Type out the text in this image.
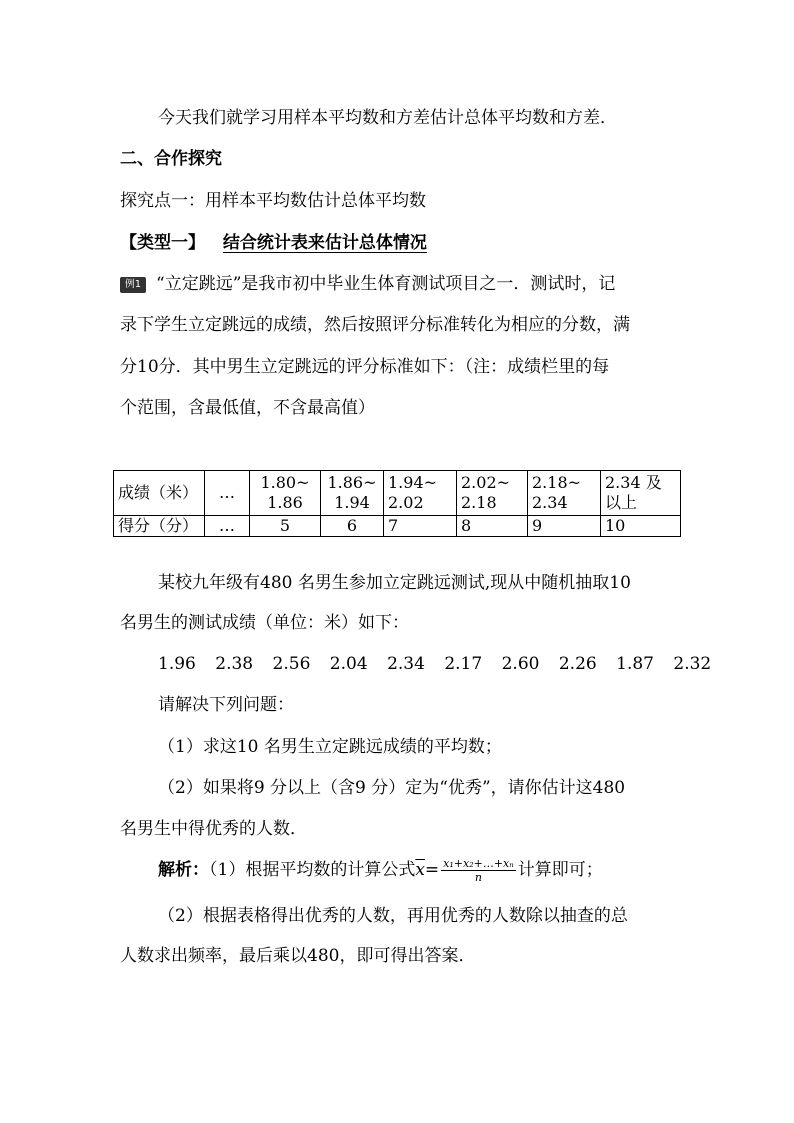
今天我们就学习用样本平均数和方差估计总体平均数和方差．
二、合作探究
探究点一：用样本平均数估计总体平均数
【类型一】 结合统计表来估计总体情况
例1 “立定跳远”是我市初中毕业生体育测试项目之一．测试时，记
录下学生立定跳远的成绩，然后按照评分标准转化为相应的分数，满
分10分．其中男生立定跳远的评分标准如下：（注：成绩栏里的每
个范围，含最低值，不含最高值）
成绩（米）	…	1.80~ 1.86	1.86~ 1.94	1.94~ 2.02	2.02~ 2.18	2.18~ 2.34	2.34 及以上
得分（分）	…	5	6	7	8	9	10
某校九年级有480 名男生参加立定跳远测试,现从中随机抽取10
名男生的测试成绩（单位：米）如下：
1.96 2.38 2.56 2.04 2.34 2.17 2.60 2.26 1.87 2.32
请解决下列问题：
（1）求这10 名男生立定跳远成绩的平均数；
（2）如果将9 分以上（含9 分）定为“优秀”，请你估计这480
名男生中得优秀的人数．
解析：（1）根据平均数的计算公式$\overline{x}= \frac{\text{x₁+x₂+…+xₙ}}{n}$ 计算即可；
（2）根据表格得出优秀的人数，再用优秀的人数除以抽查的总
人数求出频率，最后乘以480，即可得出答案．
